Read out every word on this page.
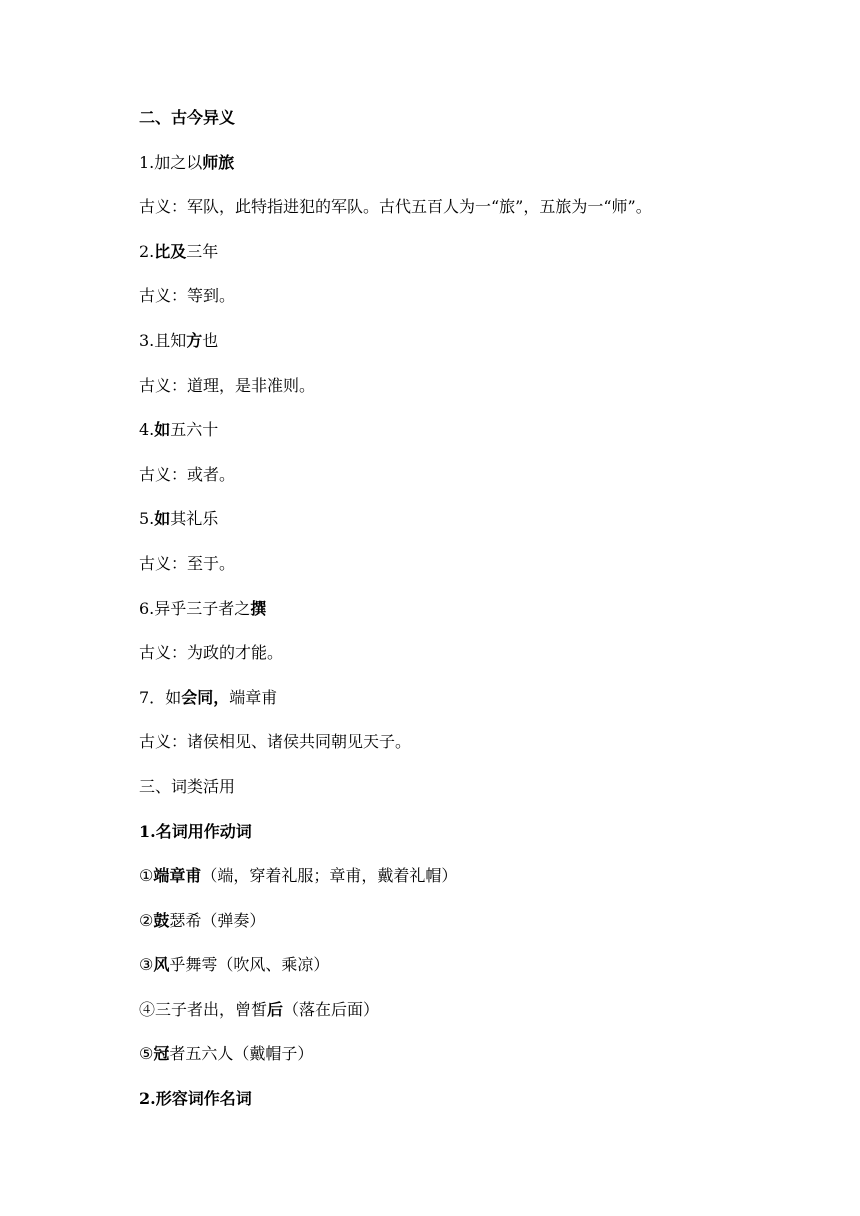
二、古今异义
1.加之以师旅
古义：军队，此特指进犯的军队。古代五百人为一“旅”，五旅为一“师”。
2.比及三年
古义：等到。
3.且知方也
古义：道理，是非准则。
4.如五六十
古义：或者。
5.如其礼乐
古义：至于。
6.异乎三子者之撰
古义：为政的才能。
7．如会同，端章甫
古义：诸侯相见、诸侯共同朝见天子。
三、词类活用
1.名词用作动词
①端章甫（端，穿着礼服；章甫，戴着礼帽）
②鼓瑟希（弹奏）
③风乎舞雩（吹风、乘凉）
④三子者出，曾皙后（落在后面）
⑤冠者五六人（戴帽子）
2.形容词作名词
